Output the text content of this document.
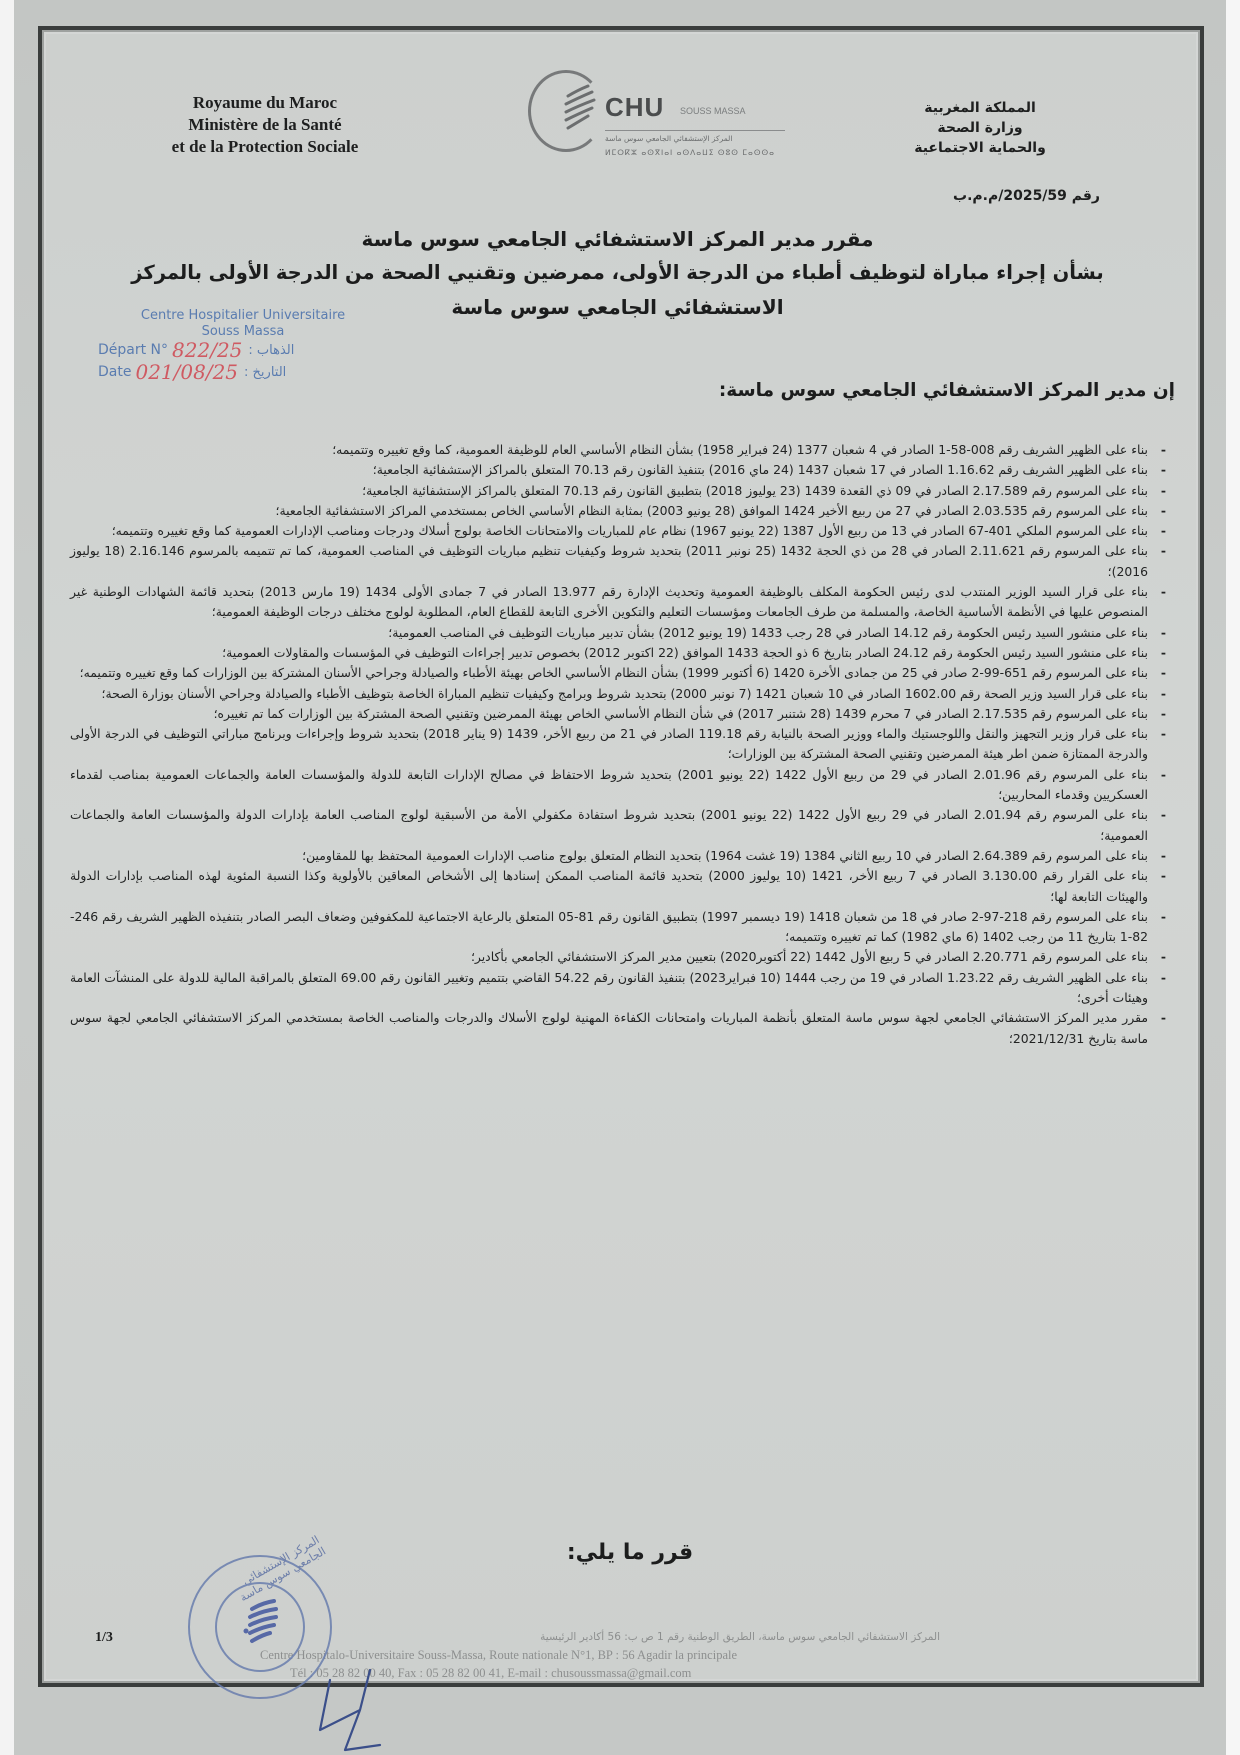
Royaume du Maroc
Ministère de la Santé
et de la Protection Sociale
CHU SOUSS MASSA
المركز الإستشفائي الجامعي سوس ماسة
ⵍⵎⵔⴽⵣ ⴰⵙⴳⵏⴰⵏ ⴰⵙⴷⴰⵡⵉ ⵙⵓⵙ ⵎⴰⵙⵙⴰ
المملكة المغربية
وزارة الصحة
والحماية الاجتماعية
رقم 2025/59/م.م.ب
مقرر مدير المركز الاستشفائي الجامعي سوس ماسة
بشأن إجراء مباراة لتوظيف أطباء من الدرجة الأولى، ممرضين وتقنيي الصحة من الدرجة الأولى بالمركز
الاستشفائي الجامعي سوس ماسة
Centre Hospitalier Universitaire
Souss Massa
Départ N° 822/25 الذهاب :
Date 021/08/25 التاريخ :
إن مدير المركز الاستشفائي الجامعي سوس ماسة:
- بناء على الظهير الشريف رقم 008-58-1 الصادر في 4 شعبان 1377 (24 فبراير 1958) بشأن النظام الأساسي العام للوظيفة العمومية، كما وقع تغييره وتتميمه؛
- بناء على الظهير الشريف رقم 1.16.62 الصادر في 17 شعبان 1437 (24 ماي 2016) بتنفيذ القانون رقم 70.13 المتعلق بالمراكز الإستشفائية الجامعية؛
- بناء على المرسوم رقم 2.17.589 الصادر في 09 ذي القعدة 1439 (23 يوليوز 2018) بتطبيق القانون رقم 70.13 المتعلق بالمراكز الإستشفائية الجامعية؛
- بناء على المرسوم رقم 2.03.535 الصادر في 27 من ربيع الأخير 1424 الموافق (28 يونيو 2003) بمثابة النظام الأساسي الخاص بمستخدمي المراكز الاستشفائية الجامعية؛
- بناء على المرسوم الملكي 401-67 الصادر في 13 من ربيع الأول 1387 (22 يونيو 1967) نظام عام للمباريات والامتحانات الخاصة بولوج أسلاك ودرجات ومناصب الإدارات العمومية كما وقع تغييره وتتميمه؛
- بناء على المرسوم رقم 2.11.621 الصادر في 28 من ذي الحجة 1432 (25 نونبر 2011) بتحديد شروط وكيفيات تنظيم مباريات التوظيف في المناصب العمومية، كما تم تتميمه بالمرسوم 2.16.146 (18 يوليوز 2016)؛
- بناء على قرار السيد الوزير المنتدب لدى رئيس الحكومة المكلف بالوظيفة العمومية وتحديث الإدارة رقم 13.977 الصادر في 7 جمادى الأولى 1434 (19 مارس 2013) بتحديد قائمة الشهادات الوطنية غير المنصوص عليها في الأنظمة الأساسية الخاصة، والمسلمة من طرف الجامعات ومؤسسات التعليم والتكوين الأخرى التابعة للقطاع العام، المطلوبة لولوج مختلف درجات الوظيفة العمومية؛
- بناء على منشور السيد رئيس الحكومة رقم 14.12 الصادر في 28 رجب 1433 (19 يونيو 2012) بشأن تدبير مباريات التوظيف في المناصب العمومية؛
- بناء على منشور السيد رئيس الحكومة رقم 24.12 الصادر بتاريخ 6 ذو الحجة 1433 الموافق (22 اكتوبر 2012) بخصوص تدبير إجراءات التوظيف في المؤسسات والمقاولات العمومية؛
- بناء على المرسوم رقم 651-99-2 صادر في 25 من جمادى الأخرة 1420 (6 أكتوبر 1999) بشأن النظام الأساسي الخاص بهيئة الأطباء والصيادلة وجراحي الأسنان المشتركة بين الوزارات كما وقع تغييره وتتميمه؛
- بناء على قرار السيد وزير الصحة رقم 1602.00 الصادر في 10 شعبان 1421 (7 نونبر 2000) بتحديد شروط وبرامج وكيفيات تنظيم المباراة الخاصة بتوظيف الأطباء والصيادلة وجراحي الأسنان بوزارة الصحة؛
- بناء على المرسوم رقم 2.17.535 الصادر في 7 محرم 1439 (28 شتنبر 2017) في شأن النظام الأساسي الخاص بهيئة الممرضين وتقنيي الصحة المشتركة بين الوزارات كما تم تغييره؛
- بناء على قرار وزير التجهيز والنقل واللوجستيك والماء ووزير الصحة بالنيابة رقم 119.18 الصادر في 21 من ربيع الأخر، 1439 (9 يناير 2018) بتحديد شروط وإجراءات وبرنامج مباراتي التوظيف في الدرجة الأولى والدرجة الممتازة ضمن اطر هيئة الممرضين وتقنيي الصحة المشتركة بين الوزارات؛
- بناء على المرسوم رقم 2.01.96 الصادر في 29 من ربيع الأول 1422 (22 يونيو 2001) بتحديد شروط الاحتفاظ في مصالح الإدارات التابعة للدولة والمؤسسات العامة والجماعات العمومية بمناصب لقدماء العسكريين وقدماء المحاربين؛
- بناء على المرسوم رقم 2.01.94 الصادر في 29 ربيع الأول 1422 (22 يونيو 2001) بتحديد شروط استفادة مكفولي الأمة من الأسبقية لولوج المناصب العامة بإدارات الدولة والمؤسسات العامة والجماعات العمومية؛
- بناء على المرسوم رقم 2.64.389 الصادر في 10 ربيع الثاني 1384 (19 غشت 1964) بتحديد النظام المتعلق بولوج مناصب الإدارات العمومية المحتفظ بها للمقاومين؛
- بناء على القرار رقم 3.130.00 الصادر في 7 ربيع الأخر، 1421 (10 يوليوز 2000) بتحديد قائمة المناصب الممكن إسنادها إلى الأشخاص المعاقين بالأولوية وكذا النسبة المئوية لهذه المناصب بإدارات الدولة والهيئات التابعة لها؛
- بناء على المرسوم رقم 218-97-2 صادر في 18 من شعبان 1418 (19 ديسمبر 1997) بتطبيق القانون رقم 81-05 المتعلق بالرعاية الاجتماعية للمكفوفين وضعاف البصر الصادر بتنفيذه الظهير الشريف رقم 246-82-1 بتاريخ 11 من رجب 1402 (6 ماي 1982) كما تم تغييره وتتميمه؛
- بناء على المرسوم رقم 2.20.771 الصادر في 5 ربيع الأول 1442 (22 أكتوبر2020) بتعيين مدير المركز الاستشفائي الجامعي بأكادير؛
- بناء على الظهير الشريف رقم 1.23.22 الصادر في 19 من رجب 1444 (10 فبراير2023) بتنفيذ القانون رقم 54.22 القاضي بتتميم وتغيير القانون رقم 69.00 المتعلق بالمراقبة المالية للدولة على المنشآت العامة وهيئات أخرى؛
- مقرر مدير المركز الاستشفائي الجامعي لجهة سوس ماسة المتعلق بأنظمة المباريات وامتحانات الكفاءة المهنية لولوج الأسلاك والدرجات والمناصب الخاصة بمستخدمي المركز الاستشفائي الجامعي لجهة سوس ماسة بتاريخ 2021/12/31؛
قرر ما يلي:
1/3	المركز الاستشفائي الجامعي سوس ماسة، الطريق الوطنية رقم 1 ص ب: 56 أكادير الرئيسية
Centre Hospitalo-Universitaire Souss-Massa, Route nationale N°1, BP : 56 Agadir la principale
Tél : 05 28 82 00 40, Fax : 05 28 82 00 41, E-mail : chusoussmassa@gmail.com
المركز الإستشفائي الجامعي سوس ماسة
